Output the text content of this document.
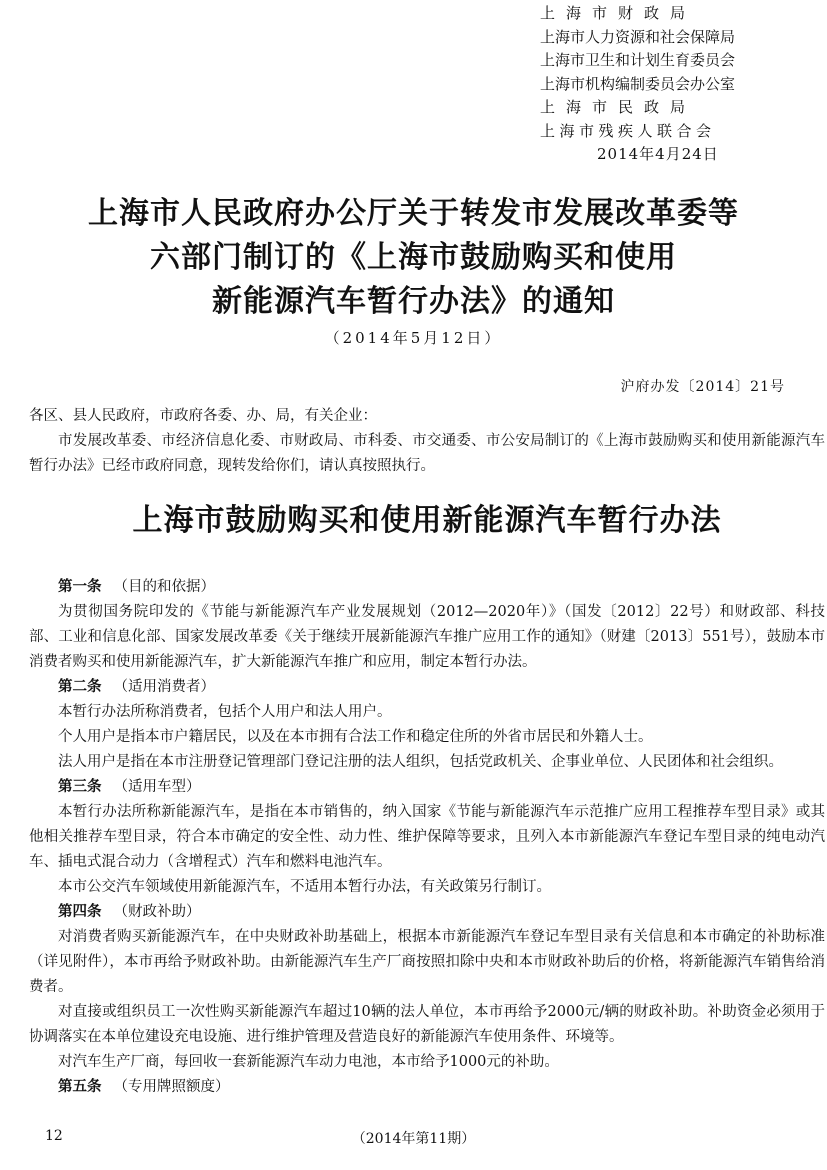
上海市财政局
上海市人力资源和社会保障局
上海市卫生和计划生育委员会
上海市机构编制委员会办公室
上海市民政局
上海市残疾人联合会
2014年4月24日
上海市人民政府办公厅关于转发市发展改革委等
六部门制订的《上海市鼓励购买和使用
新能源汽车暂行办法》的通知
（2014年5月12日）
沪府办发〔2014〕21号

各区、县人民政府，市政府各委、办、局，有关企业：

市发展改革委、市经济信息化委、市财政局、市科委、市交通委、市公安局制订的《上海市鼓励购买和使用新能源汽车暂行办法》已经市政府同意，现转发给你们，请认真按照执行。

上海市鼓励购买和使用新能源汽车暂行办法

第一条 （目的和依据）

为贯彻国务院印发的《节能与新能源汽车产业发展规划（2012—2020年）》（国发〔2012〕22号）和财政部、科技部、工业和信息化部、国家发展改革委《关于继续开展新能源汽车推广应用工作的通知》（财建〔2013〕551号），鼓励本市消费者购买和使用新能源汽车，扩大新能源汽车推广和应用，制定本暂行办法。

第二条 （适用消费者）

本暂行办法所称消费者，包括个人用户和法人用户。

个人用户是指本市户籍居民，以及在本市拥有合法工作和稳定住所的外省市居民和外籍人士。

法人用户是指在本市注册登记管理部门登记注册的法人组织，包括党政机关、企事业单位、人民团体和社会组织。

第三条 （适用车型）

本暂行办法所称新能源汽车，是指在本市销售的，纳入国家《节能与新能源汽车示范推广应用工程推荐车型目录》或其他相关推荐车型目录，符合本市确定的安全性、动力性、维护保障等要求，且列入本市新能源汽车登记车型目录的纯电动汽车、插电式混合动力（含增程式）汽车和燃料电池汽车。

本市公交汽车领域使用新能源汽车，不适用本暂行办法，有关政策另行制订。

第四条 （财政补助）

对消费者购买新能源汽车，在中央财政补助基础上，根据本市新能源汽车登记车型目录有关信息和本市确定的补助标准（详见附件），本市再给予财政补助。由新能源汽车生产厂商按照扣除中央和本市财政补助后的价格，将新能源汽车销售给消费者。

对直接或组织员工一次性购买新能源汽车超过10辆的法人单位，本市再给予2000元/辆的财政补助。补助资金必须用于协调落实在本单位建设充电设施、进行维护管理及营造良好的新能源汽车使用条件、环境等。

对汽车生产厂商，每回收一套新能源汽车动力电池，本市给予1000元的补助。

第五条 （专用牌照额度）

12	（2014年第11期）
